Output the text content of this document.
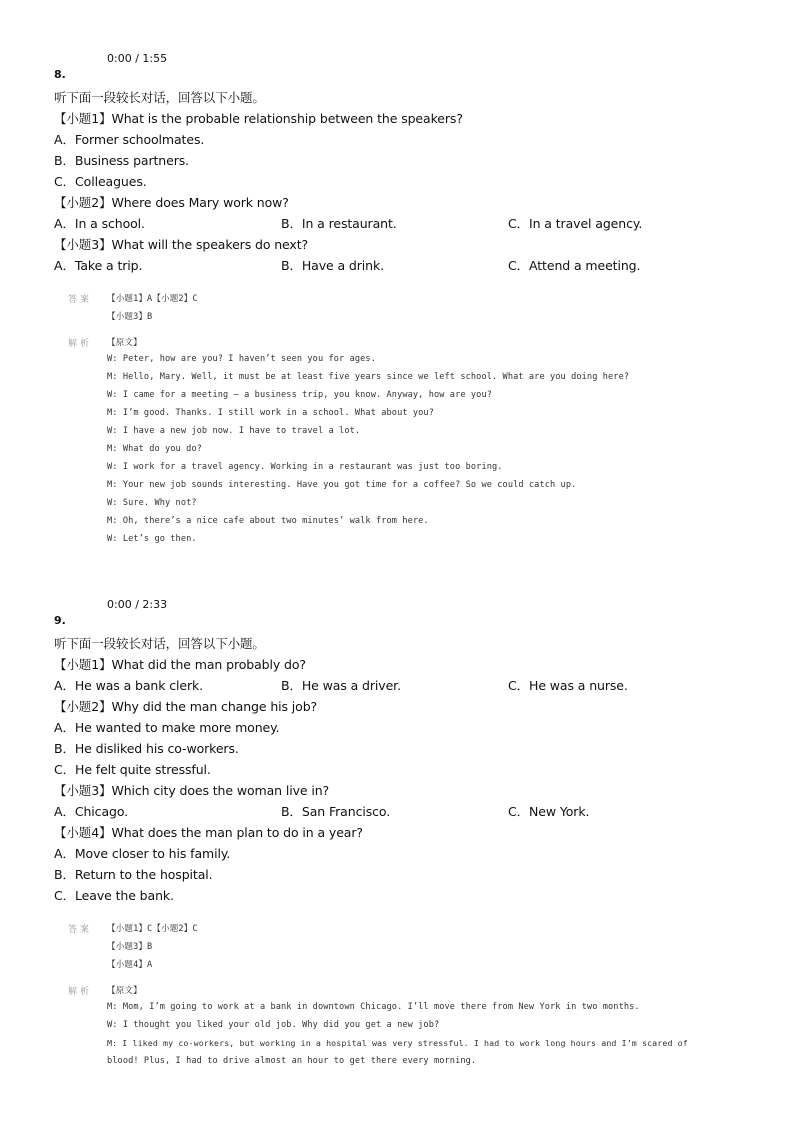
0:00 / 1:55
8.
听下面一段较长对话，回答以下小题。
【小题1】What is the probable relationship between the speakers?
A．Former schoolmates.
B．Business partners.
C．Colleagues.
【小题2】Where does Mary work now?
A．In a school.	B．In a restaurant.	C．In a travel agency.
【小题3】What will the speakers do next?
A．Take a trip.	B．Have a drink.	C．Attend a meeting.
答案 【小题1】A【小题2】C
【小题3】B
解析 【原文】
W: Peter, how are you? I haven’t seen you for ages.
M: Hello, Mary. Well, it must be at least five years since we left school. What are you doing here?
W: I came for a meeting — a business trip, you know. Anyway, how are you?
M: I’m good. Thanks. I still work in a school. What about you?
W: I have a new job now. I have to travel a lot.
M: What do you do?
W: I work for a travel agency. Working in a restaurant was just too boring.
M: Your new job sounds interesting. Have you got time for a coffee? So we could catch up.
W: Sure. Why not?
M: Oh, there’s a nice cafe about two minutes’ walk from here.
W: Let’s go then.
0:00 / 2:33
9.
听下面一段较长对话，回答以下小题。
【小题1】What did the man probably do?
A．He was a bank clerk.	B．He was a driver.	C．He was a nurse.
【小题2】Why did the man change his job?
A．He wanted to make more money.
B．He disliked his co-workers.
C．He felt quite stressful.
【小题3】Which city does the woman live in?
A．Chicago.	B．San Francisco.	C．New York.
【小题4】What does the man plan to do in a year?
A．Move closer to his family.
B．Return to the hospital.
C．Leave the bank.
答案 【小题1】C【小题2】C
【小题3】B
【小题4】A
解析 【原文】
M: Mom, I’m going to work at a bank in downtown Chicago. I’ll move there from New York in two months.
W: I thought you liked your old job. Why did you get a new job?
M: I liked my co-workers, but working in a hospital was very stressful. I had to work long hours and I’m scared of
blood! Plus, I had to drive almost an hour to get there every morning.
